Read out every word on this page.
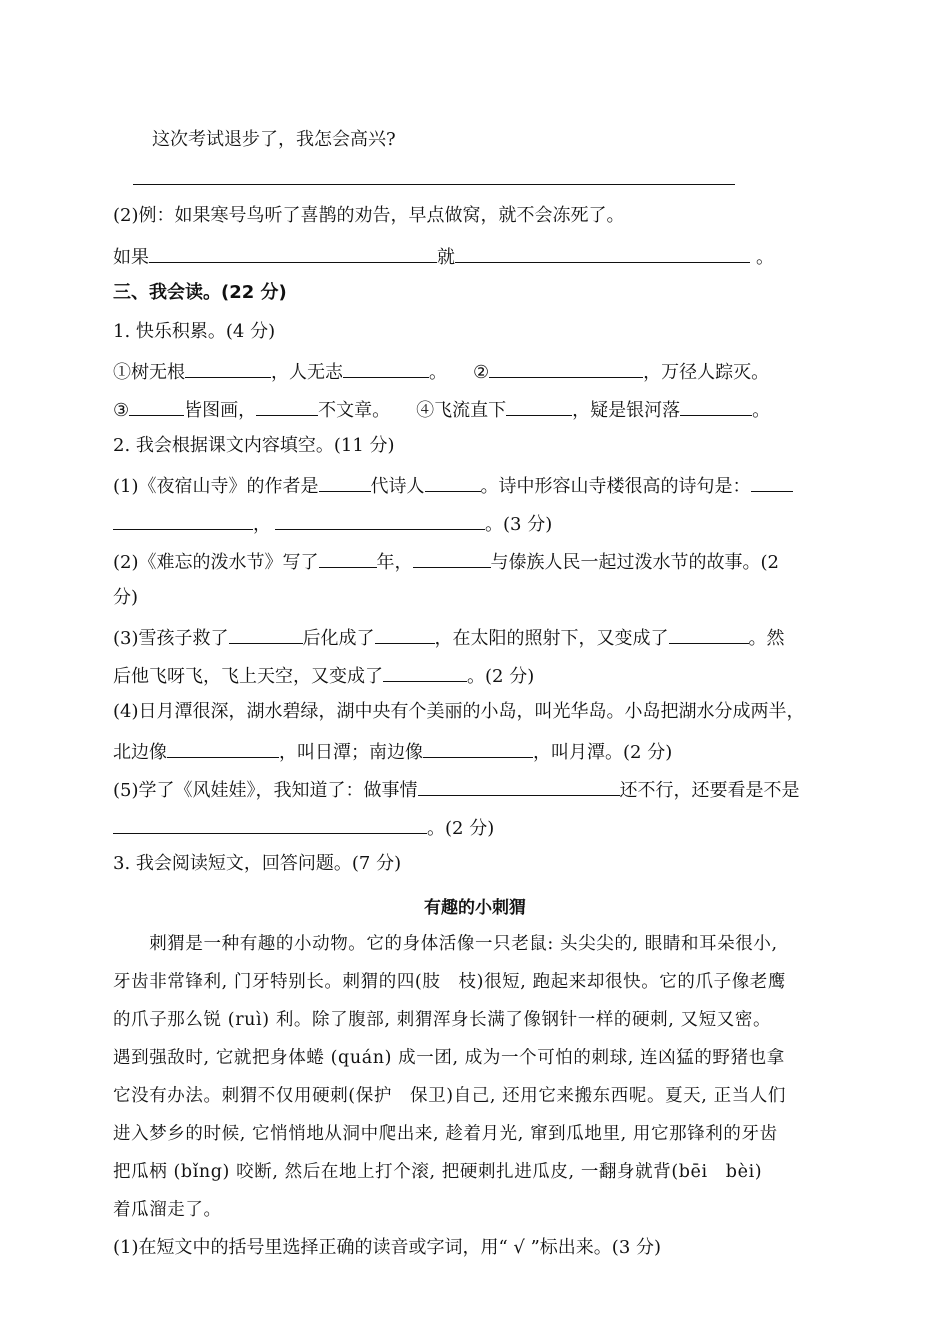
这次考试退步了，我怎会高兴?
(2)例：如果寒号鸟听了喜鹊的劝告，早点做窝，就不会冻死了。
如果	就	。
三、我会读。(22 分)
1. 快乐积累。(4 分)
①树无根	，人无志	。 ②	，万径人踪灭。
③	皆图画，	不文章。 ④飞流直下	，疑是银河落	。
2. 我会根据课文内容填空。(11 分)
(1)《夜宿山寺》的作者是	代诗人	。诗中形容山寺楼很高的诗句是：
，	。(3 分)
(2)《难忘的泼水节》写了	年，	与傣族人民一起过泼水节的故事。(2
分)
(3)雪孩子救了	后化成了	，在太阳的照射下，又变成了	。然
后他飞呀飞，飞上天空，又变成了	。(2 分)
(4)日月潭很深，湖水碧绿，湖中央有个美丽的小岛，叫光华岛。小岛把湖水分成两半，
北边像	，叫日潭；南边像	，叫月潭。(2 分)
(5)学了《风娃娃》，我知道了：做事情	还不行，还要看是不是
。(2 分)
3. 我会阅读短文，回答问题。(7 分)
有趣的小刺猬
　　刺猬是一种有趣的小动物。它的身体活像一只老鼠: 头尖尖的, 眼睛和耳朵很小,
牙齿非常锋利, 门牙特别长。刺猬的四(肢　枝)很短, 跑起来却很快。它的爪子像老鹰
的爪子那么锐 (ruì) 利。除了腹部, 刺猬浑身长满了像钢针一样的硬刺, 又短又密。
遇到强敌时, 它就把身体蜷 (quán) 成一团, 成为一个可怕的刺球, 连凶猛的野猪也拿
它没有办法。刺猬不仅用硬刺(保护　保卫)自己, 还用它来搬东西呢。夏天, 正当人们
进入梦乡的时候, 它悄悄地从洞中爬出来, 趁着月光, 窜到瓜地里, 用它那锋利的牙齿
把瓜柄 (bǐng) 咬断, 然后在地上打个滚, 把硬刺扎进瓜皮, 一翻身就背(bēi　bèi)
着瓜溜走了。
(1)在短文中的括号里选择正确的读音或字词，用“ √ ”标出来。(3 分)
